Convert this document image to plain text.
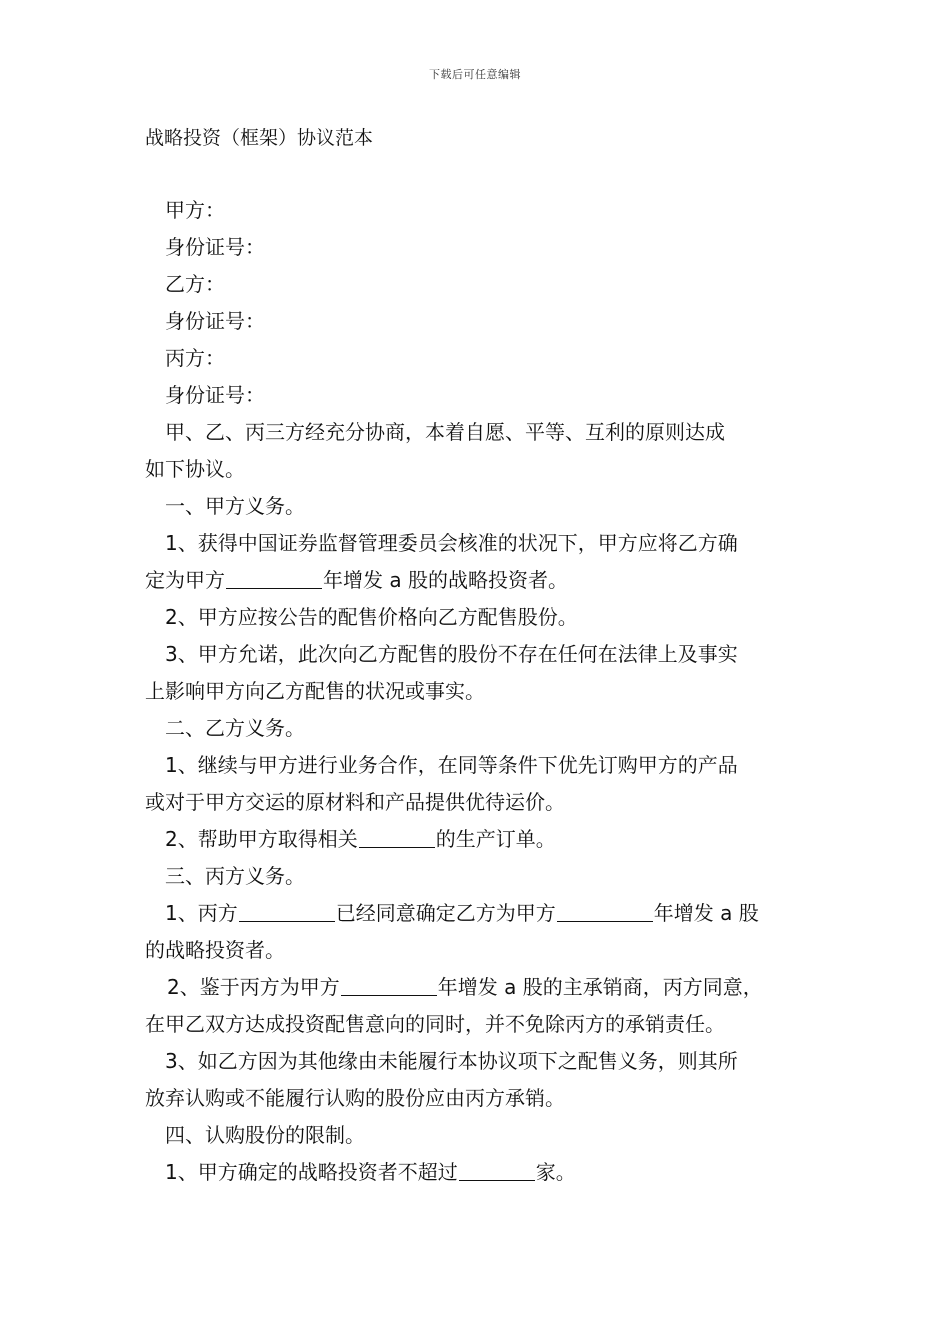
下载后可任意编辑
战略投资（框架）协议范本
甲方：
身份证号：
乙方：
身份证号：
丙方：
身份证号：
甲、乙、丙三方经充分协商，本着自愿、平等、互利的原则达成
如下协议。
一、甲方义务。
1、获得中国证券监督管理委员会核准的状况下，甲方应将乙方确
定为甲方	年增发 a 股的战略投资者。
2、甲方应按公告的配售价格向乙方配售股份。
3、甲方允诺，此次向乙方配售的股份不存在任何在法律上及事实
上影响甲方向乙方配售的状况或事实。
二、乙方义务。
1、继续与甲方进行业务合作，在同等条件下优先订购甲方的产品
或对于甲方交运的原材料和产品提供优待运价。
2、帮助甲方取得相关	的生产订单。
三、丙方义务。
1、丙方	已经同意确定乙方为甲方	年增发 a 股
的战略投资者。
2、鉴于丙方为甲方	年增发 a 股的主承销商，丙方同意，
在甲乙双方达成投资配售意向的同时，并不免除丙方的承销责任。
3、如乙方因为其他缘由未能履行本协议项下之配售义务，则其所
放弃认购或不能履行认购的股份应由丙方承销。
四、认购股份的限制。
1、甲方确定的战略投资者不超过	家。
